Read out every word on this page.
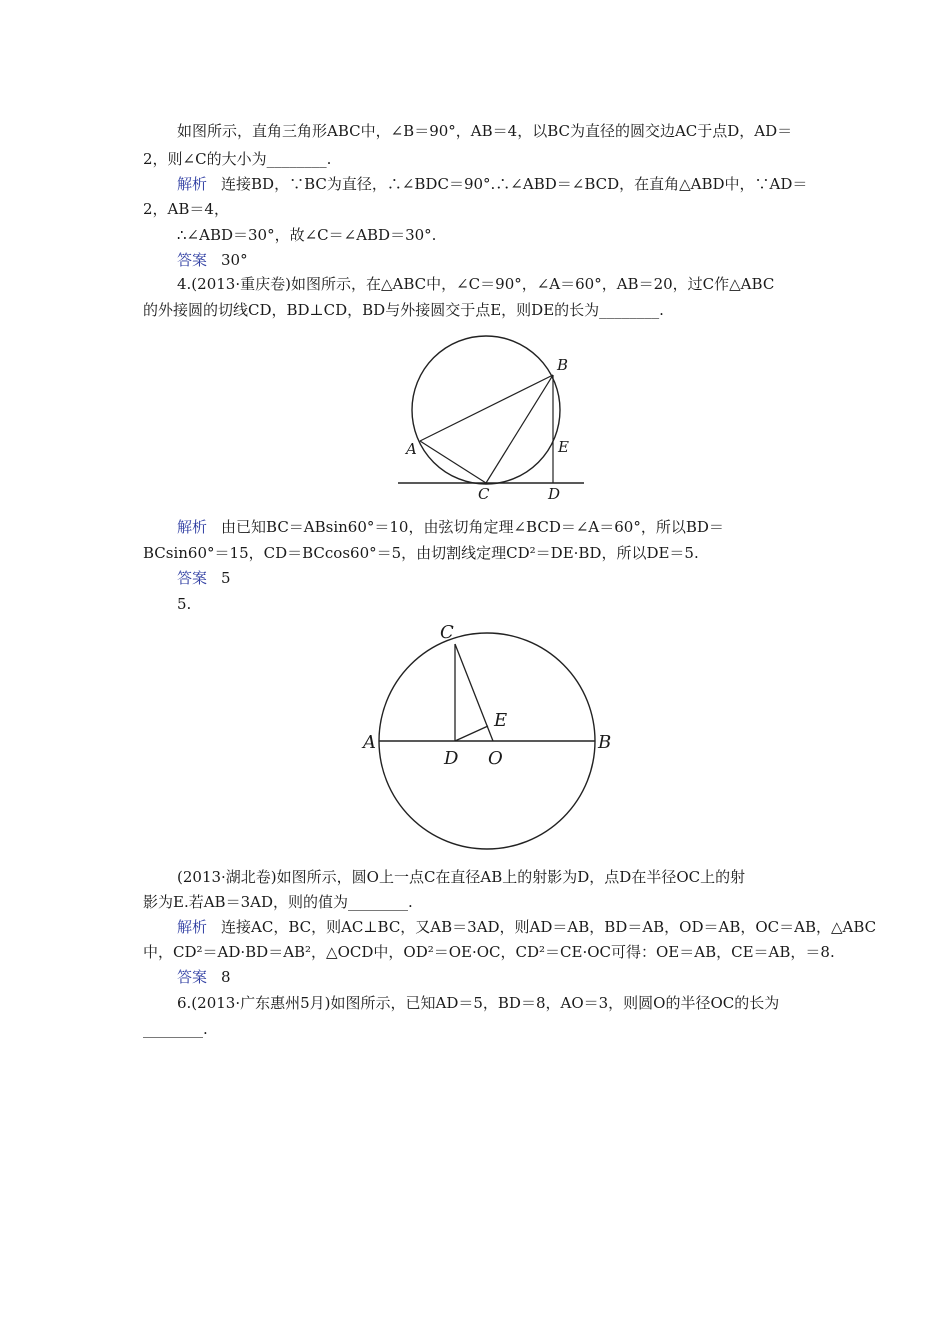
如图所示，直角三角形ABC中，∠B＝90°，AB＝4，以BC为直径的圆交边AC于点D，AD＝
2，则∠C的大小为________.
解析 连接BD，∵BC为直径，∴∠BDC＝90°.∴∠ABD＝∠BCD，在直角△ABD中，∵AD＝
2，AB＝4，
∴∠ABD＝30°，故∠C＝∠ABD＝30°.
答案 30°
4.(2013·重庆卷)如图所示，在△ABC中，∠C＝90°，∠A＝60°，AB＝20，过C作△ABC
的外接圆的切线CD，BD⊥CD，BD与外接圆交于点E，则DE的长为________.
B
A	E
C	D
解析 由已知BC＝ABsin60°＝10，由弦切角定理∠BCD＝∠A＝60°，所以BD＝
BCsin60°＝15，CD＝BCcos60°＝5，由切割线定理CD²＝DE·BD，所以DE＝5.
答案 5
5.
C
A	B
E
D O
(2013·湖北卷)如图所示，圆O上一点C在直径AB上的射影为D，点D在半径OC上的射
影为E.若AB＝3AD，则的值为________.
解析 连接AC，BC，则AC⊥BC，又AB＝3AD，则AD＝AB，BD＝AB，OD＝AB，OC＝AB，△ABC
中，CD²＝AD·BD＝AB²，△OCD中，OD²＝OE·OC，CD²＝CE·OC可得：OE＝AB，CE＝AB，＝8.
答案 8
6.(2013·广东惠州5月)如图所示，已知AD＝5，BD＝8，AO＝3，则圆O的半径OC的长为
________.
